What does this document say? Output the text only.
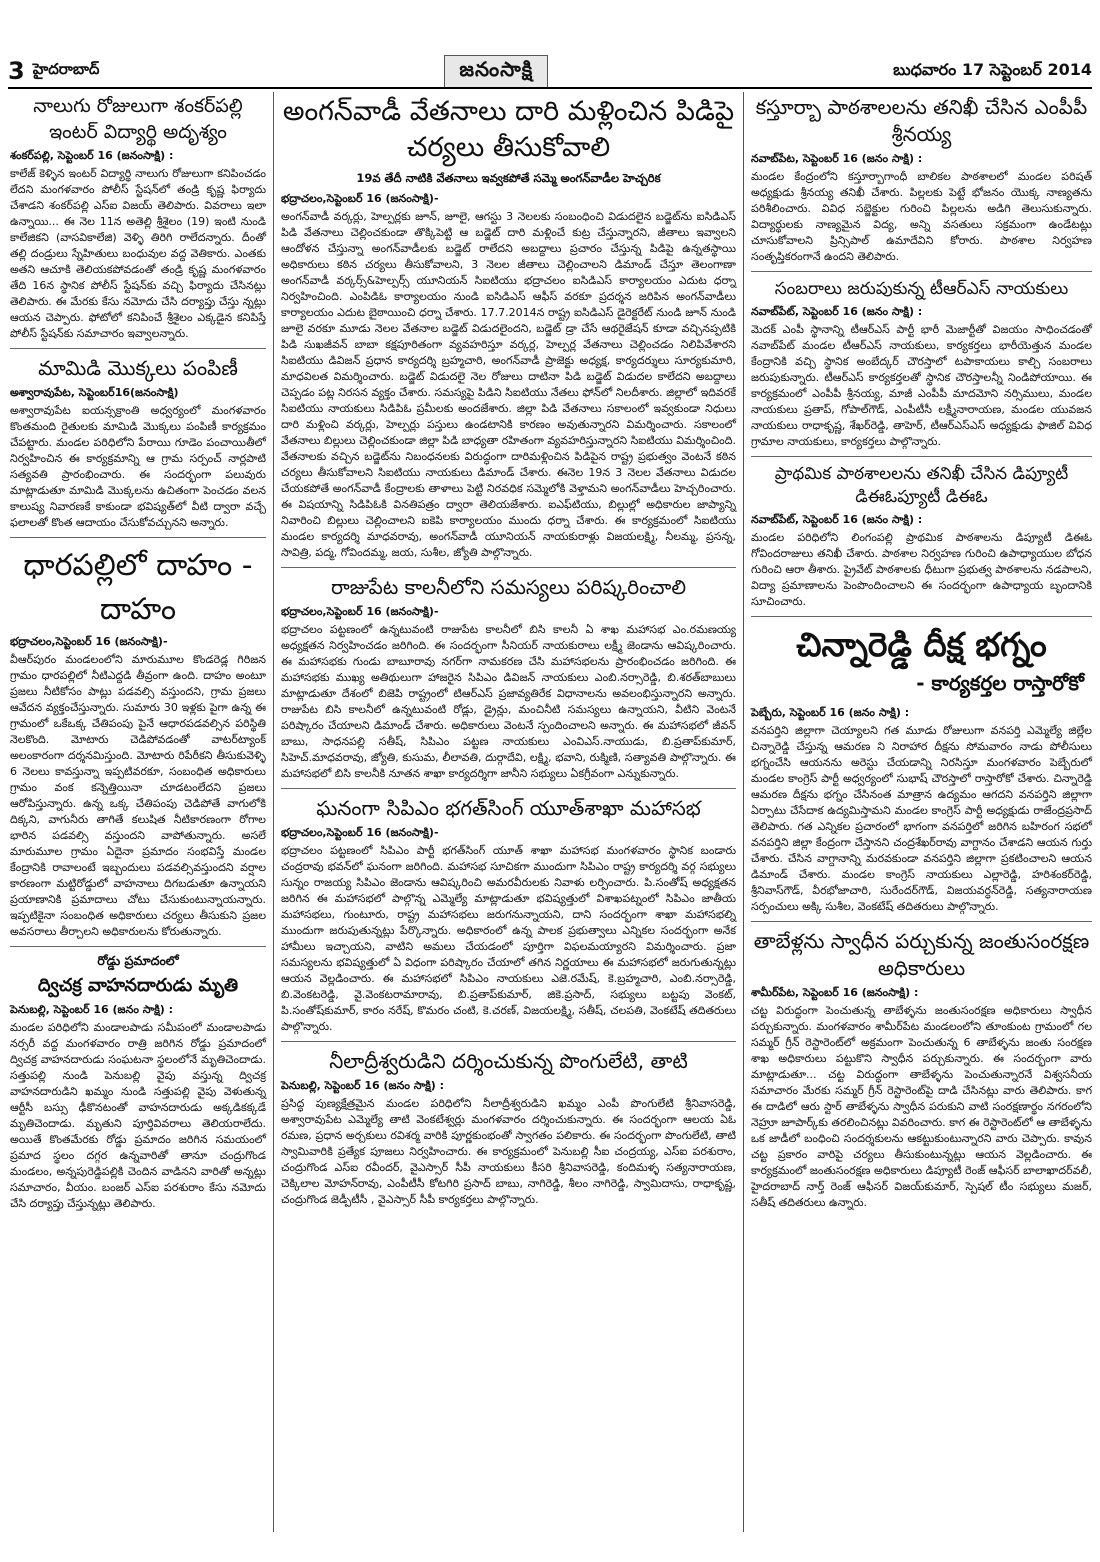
3 హైదరాబాద్	జనంసాక్షి	బుధవారం 17 సెప్టెంబర్ 2014
నాలుగు రోజులుగా శంకర్‌పల్లి ఇంటర్ విద్యార్థి అదృశ్యం

శంకర్‌పల్లి, సెప్టెంబర్ 16 (జనంసాక్షి) :

కాలేజ్ కెళ్ళిన ఇంటర్ విద్యార్థి నాలుగు రోజులుగా కనిపించడం లేదని మంగళవారం పోలీస్ స్టేషన్‌లో తండ్రి కృష్ణ ఫిర్యాదు చేశాడని శంకర్‌పల్లి ఎస్ఐ విజయ్ తెలిపారు. వివరాలు ఇలా ఉన్నాయి... ఈ నెల 11న అతెల్లి శ్రీశైలం (19) ఇంటి నుండి కాలేజికని (వాసవికాలేజి) వెళ్ళి తిరిగి రాలేదన్నారు. దీంతో తల్లి దండ్రులు స్నేహితులు బంధువుల వద్ద వెతికారు. ఎంతకు అతని ఆచూకి తెలియకపోవడంతో తండ్రి కృష్ణ మంగళవారం తేది 16న స్థానిక పోలీస్ స్టేషన్‌కు వచ్చి ఫిర్యాదు చేసినట్లు తెలిపారు. ఈ మేరకు కేసు నమోదు చేసి దర్యాప్తు చేస్తు న్నట్లు ఆయన చెప్పారు. ఫోటోలో కనిపించే శ్రీశైలం ఎక్కడైన కనిపిస్తే పోలీస్ స్టేషన్‌కు సమాచారం ఇవ్వాలన్నారు.

మామిడి మొక్కలు పంపిణీ

అశ్వారావుపేట, సెప్టెంబర్16(జనంసాక్షి)

అశ్వారావుపేట ఐయన్సక్రాంతి అధ్వర్యంలో మంగళవారం కొంతమంది రైతులకు మామిడి మొక్కలు పంపిణీ కార్యక్రమం చేపట్టారు. మండల పరిధిలోని పేరాయి గూడెం పంచాయితీలో నిర్వహించిన ఈ కార్యక్రమాన్ని ఆ గ్రామ సర్పంచ్ నార్లపాటి సత్యవతి ప్రారంభించారు. ఈ సందర్భంగా పలువురు మాట్లాడుతూ మామిడి మొక్కలను ఉచితంగా పెంచడం వలన కాలుష్య నివారణకే కాకుండా భవిష్యత్‌లో వీటి ద్వారా వచ్చే ఫలాలతో కొంత ఆదాయం చేసుకోవచ్చునని అన్నారు.

ధారపల్లిలో దాహం - దాహం

భద్రాచలం,సెప్టెంబర్ 16 (జనంసాక్షి)-

వీఆర్‌పురం మండలంలోని మారుమూల కొండరెడ్ల గిరిజన గ్రామం ధారపల్లిలో నీటిఎద్దడి తీవ్రంగా ఉంది. దాహం అంటూ ప్రజలు నీటికోసం పాట్లు పడవల్సి వస్తుందని, గ్రామ ప్రజలు ఆవేదన వ్యక్తంచేస్తున్నారు. సుమారు 30 ఇళ్లకు పైగా ఉన్న ఈ గ్రామంలో ఒకేఒక్క చేతిపంపు పైనే ఆధారపడవల్సిన పరిస్థితి నెలకొంది. మోటారు చెడిపోవడంతో వాటర్‌ట్యాంక్ అలంకారంగా దర్శనమిస్తుంది. మోటారు రిపేరీకని తీసుకువెళ్ళి 6 నెలలు కావస్తున్నా ఇప్పటివరకూ, సంబంధిత అధికారులు గ్రామం వంక కన్నెత్తియినా చూడటంలేదని ప్రజలు ఆరోపిస్తున్నారు. ఉన్న ఒక్క చేతిపంపు చెడిపోతే వాగులోకి దిక్కని, వాగునీరు తాగితే కలుషిత నీటికారణంగా రోగాల భారిన పడవల్సి వస్తుందని వాపోతున్నారు. అసలే మారుమూల గ్రామం ఏదైనా ప్రమాదం సంభవిస్తే మండల కేంద్రానికి రావాలంటే ఇబ్బందులు పడవల్సివస్తుందని వర్షాల కారణంగా మట్టిరోడ్డులో వాహనాలు దిగబడుతూ ఉన్నాయని ప్రయాణానికి ప్రమాదాలు చోటు చేసుకుంటున్నాయన్నారు. ఇప్పటికైనా సంబంధిత అధికారులు చర్యలు తీసుకుని ప్రజల అవసరాలు తీర్చాలని అధికారులను కోరుతున్నారు.

రోడ్డు ప్రమాదంలో

ద్విచక్ర వాహనదారుడు మృతి

పెనుబల్లి, సెప్టెంబర్ 16 (జనం సాక్షి) :

మండల పరిధిలోని మండాలపాడు సమీపంలో మండాలపాడు నర్సరీ వద్ద మంగళవారం రాత్రి జరిగిన రోడ్డు ప్రమాదంలో ద్విచక్ర వాహనదారుడు సంఘటనా స్థలంలోనే మృతిచెందాడు. సత్తుపల్లి నుండి పెనుబల్లి వైపు వస్తున్న ద్విచక్ర వాహనదారుడిని ఖమ్మం నుండి సత్తుపల్లి వైపు వెళుతున్న ఆర్టీసీ బస్సు ఢీకొనటంతో వాహనదారుడు అక్కడికక్కడే మృతిచెందాడు. మృతుని పూర్తివివరాలు తెలియరాలేదు. అయితే కొంతమేరకు రోడ్డు ప్రమాదం జరిగిన సమయంలో ప్రమాద స్థలం దగ్గర ఉన్నవారితో తానూ చంద్రుగొండ మండలం, అన్నపురెడ్డిపల్లికి చెందిన వాడినని వారితో అన్నట్లు సమాచారం, వీయం. బంజర్ ఎస్ఐ పరశురాం కేసు నమోదు చేసి దర్యాప్తు చేస్తున్నట్లు తెలిపారు.

అంగన్‌వాడీ వేతనాలు దారి మళ్లించిన పిడిపై చర్యలు తీసుకోవాలి

19వ తేదీ నాటికి వేతనాలు ఇవ్వకపోతే సమ్మె అంగన్‌వాడీల హెచ్చరిక

భద్రాచలం,సెప్టెంబర్ 16 (జనంసాక్షి)-

అంగన్‌వాడీ వర్కర్లు, హెల్పర్లకు జూన్, జూలై, ఆగస్టు 3 నెలలకు సంబంధించి విడుదలైన బడ్జెట్‌ను ఐసిడిఎస్ పిడి వేతనాలు చెల్లించకుండా తొక్కిపెట్టి ఆ బడ్జెట్ దారి మళ్లించే కుట్ర చేస్తున్నారని, జీతాలు ఇవ్వాలని ఆందోళన చేస్తున్నా అంగన్‌వాడీలకు బడ్జెట్ రాలేదని అబద్దాలు ప్రచారం చేస్తున్న పిడిపై ఉన్నతస్థాయి అధికారులు కఠిన చర్యలు తీసుకోవాలని, 3 నెలల జీతాలు చెల్లించాలని డిమాండ్ చేస్తూ తెలంగాణా అంగన్‌వాడీ వర్కర్స్&హెల్పర్స్ యూనియన్ సిఐటియు భద్రాచలం ఐసిడిఎస్ కార్యాలయం ఎదుట ధర్నా నిర్వహించింది. ఎంపిడిఓ కార్యాలయం నుండి ఐసిడిఎస్ ఆఫీస్ వరకూ ప్రదర్శన జరిపిన అంగన్‌వాడీలు కార్యాలయం ఎదుట బైఠాయించి ధర్నా చేశారు. 17.7.2014న రాష్ట్ర ఐసిడిఎస్ డైరెక్టరేట్ నుండి జూన్ నుండి జూలై వరకూ మూడు నెలల వేతనాల బడ్జెట్ విడుదలైందని, బడ్జెట్ డ్రా చేసే ఆథరైజేషన్ కూడా వచ్చినప్పటికి పిడి సుఖజీవన్ బాబా కక్షపూరితంగా వ్యవహరిస్తూ వర్కర్ల, హెల్పర్ల వేతనాలు చెల్లించడం నిలిపివేశారని సిఐటియు డివిజన్ ప్రధాన కార్యదర్శి బ్రహ్మచారి, అంగన్‌వాడీ ప్రాజెక్టు అధ్యక్ష, కార్యదర్శులు సూర్యకుమారి, మాధవిలత విమర్శించారు. బడ్జెట్ విడుదలై నెల రోజులు దాటినా పిడి బడ్జెట్ విడుదల కాలేదని అబద్దాలు చెప్పడం పట్ల నిరసన వ్యక్తం చేశారు. సమస్యపై పిడిని సిఐటియు నేతలు ఫోన్‌లో నిలదీశారు. జిల్లాలో ఇదివరకే సిఐటియు నాయకులు సిడిపిఓ ప్రమీలకు అందజేశారు. జిల్లా పిడి వేతనాలు సకాలంలో ఇవ్వకుండా నిధులు దారి మళ్లించి వర్కర్లు, హెల్పర్లు పస్తులు ఉండటానికి కారణం అవుతున్నారని విమర్శించారు. సకాలంలో వేతనాలు బిల్లులు చెల్లించకుండా జిల్లా పిడి బాధ్యతా రహితంగా వ్యవహరిస్తున్నారని సిఐటియు విమర్శించింది. వేతనాలకు వచ్చిన బడ్జెట్‌ను నిబంధనలకు విరుద్ధంగా దారిమళ్లించిన పిడిపైన రాష్ట్ర ప్రభుత్వం వెంటనే కఠిన చర్యలు తీసుకోవాలని సిఐటియు నాయకులు డిమాండ్ చేశారు. ఈనెల 19న 3 నెలల వేతనాలు విడుదల చేయకపోతే అంగన్‌వాడీ కేంద్రాలకు తాళాలు పెట్టి నిరవధిక సమ్మెలోకి వెళ్తామని అంగన్‌వాడీలు హెచ్చరించారు. ఈ విషయాన్ని సిడిపిఓకి వినతిపత్రం ద్వారా తెలియజేశారు. ఐఎఫ్‌టియు, బిల్లుల్లో అధికారుల జాప్యాన్ని నివారించి బిల్లులు చెల్లించాలని ఐకెపి కార్యాలయం ముందు ధర్నా చేశారు. ఈ కార్యక్రమంలో సిఐటియు మండల కార్యదర్శి మాధవరావు, అంగన్‌వాడీ యూనియన్ నాయకురాళ్లు విజయలక్ష్మి, నీలమ్మ, ప్రసన్న, సావిత్రి, పద్మ, గోవిందమ్మ, జయ, సుశీల, జ్యోతి పాల్గొన్నారు.

రాజుపేట కాలనీలోని సమస్యలు పరిష్కరించాలి

భద్రాచలం,సెప్టెంబర్ 16 (జనంసాక్షి)-

భద్రాచలం పట్టణంలో ఉన్నటువంటి రాజుపేట కాలనీలో బిసి కాలనీ ఏ శాఖ మహాసభ ఎం.రమణయ్య అధ్యక్షతన నిర్వహించడం జరిగింది. ఈ సందర్భంగా సీనియర్ నాయకురాలు లక్ష్మీ జెండాను ఆవిష్కరించారు. ఈ మహాసభకు గుండు బాబూరావు నగర్‌గా నామకరణ చేసి మహాసభలను ప్రారంభించడం జరిగింది. ఈ మహాసభకు ముఖ్య అతిథులుగా హాజరైన సిపిఎం డివిజన్ నాయకులు ఎంబి.నర్సారెడ్డి, బి.శరత్‌బాబులు మాట్లాడుతూ దేశంలో బిజెపి రాష్ట్రంలో టిఆర్ఎస్ ప్రజావ్యతిరేక విధానాలను అవలంభిస్తున్నారని అన్నారు. రాజుపేట బిసి కాలనీలో ఉన్నటువంటి రోడ్లు, డ్రైన్లు, మంచినీటి సమస్యలు ఉన్నాయని, వీటిని వెంటనే పరిష్కారం చేయాలని డిమాండ్ చేశారు. అధికారులు వెంటనే స్పందించాలని అన్నారు. ఈ మహాసభలో జీవన్ బాబు, సాధనపల్లి సతీష్, సిపిఎం పట్టణ నాయకులు ఎంవిఎస్.నాయుడు, బి.ప్రతాప్‌కుమార్, సిహెచ్.మాధవరావు, జ్యోతి, కుసుమ, లీలావతి, దుర్గాదేవి, లక్ష్మి, భవాని, రుక్మిణి, సత్యావతి పాల్గొన్నారు. ఈ మహాసభలో బిసి కాలనీకి నూతన శాఖా కార్యదర్శిగా జానీని సభ్యులు ఏకగ్రీవంగా ఎన్నుకున్నారు.

ఘనంగా సిపిఎం భగత్‌సింగ్ యూత్‌శాఖా మహాసభ

భద్రాచలం,సెప్టెంబర్ 16 (జనంసాక్షి)-

భద్రాచలం పట్టణంలో సిపిఎం పార్టీ భగత్‌సింగ్ యూత్ శాఖా మహాసభ మంగళవారం స్థానిక బండారు చంద్రరావు భవన్‌లో ఘనంగా జరిగింది. మహాసభ సూచికగా ముందుగా సిపిఎం రాష్ట్ర కార్యదర్శి వర్గ సభ్యులు సున్నం రాజయ్య సిపిఎం జెండాను ఆవిష్కరించి అమరవీరులకు నివాళు లర్పించారు. పి.సంతోష్ అధ్యక్షతన జరిగిన ఈ మహాసభలో పాల్గొన్న ఎమ్మెల్యే మాట్లాడుతూ భవిష్యత్తులో విశాఖపట్నంలో సిపిఎం జాతీయ మహాసభలు, గుంటూరు, రాష్ట్ర మహాసభలు జరుగనున్నాయని, దాని సందర్భంగా శాఖా మహాసభల్ని ముందుగా జరుపుతున్నట్లు పేర్కొన్నారు. అధికారంలో ఉన్న పాలక ప్రభుత్వాలు ఎన్నికల సందర్భంగా అనేక హామీలు ఇచ్చాయని, వాటిని అమలు చేయడంలో పూర్తిగా విఫలమయ్యారని విమర్శించారు. ప్రజా సమస్యలను భవిష్యత్తులో ఏ విధంగా పరిష్కారం చేయాలో తగిన నిర్ణయాలు ఈ మహాసభలో జరుగుతున్నట్లు ఆయన వెల్లడించారు. ఈ మహాసభలో సిపిఎం నాయకులు ఎజె.రమేష్, కె.బ్రహ్మచారి, ఎంబి.నర్సారెడ్డి, బి.వెంకటరెడ్డి, వై.వెంకటరామారావు, బి.ప్రతాప్‌కుమార్, జికె.ప్రసాద్, సభ్యులు బట్టపు వెంకట్, పి.సంతోష్‌కుమార్, కారం నరేష్, కొమరం చంటి, కె.చరణ్, విజయలక్ష్మి, సతీష్, చలపతి, వెంకటేష్ తదితరులు పాల్గొన్నారు.

నీలాద్రీశ్వరుడిని దర్శించుకున్న పొంగులేటి, తాటి

పెనుబల్లి, సెప్టెంబర్ 16 (జనం సాక్షి) :

ప్రసిద్ధ పుణ్యక్షేత్రమైన మండల పరిధిలోని నీలాద్రీశ్వరుడిని ఖమ్మం ఎంపీ పొంగులేటి శ్రీనివాసరెడ్డి, అశ్వారావుపేట ఎమ్మెల్యే తాటి వెంకటేశ్వర్లు మంగళవారం దర్శించుకున్నారు. ఈ సందర్భంగా ఆలయ ఏఓ రమణ, ప్రధాన అర్చకులు రవిశర్మ వారికి పూర్ణకుంభంతో స్వాగతం పలికారు. ఈ సందర్భంగా పొంగులేటి, తాటి స్వామివారికి ప్రత్యేక పూజలు నిర్వహించారు. ఈ కార్యక్రమంలో పెనుబల్లి సీఐ చంద్రయ్య, ఎస్ఐ పరశురాం, చంద్రుగొండ ఎస్ఐ రవీందర్, వైఎస్సార్ సీపీ నాయకులు కీసరి శ్రీనివాసరెడ్డి, కందిమళ్ళ సత్యనారాయణ, చెక్కిలాల మోహన్‌రావు, ఎంపీటీసీ కోటగిరి ప్రసాద్ బాబు, నాగిరెడ్డి, శీలం నాగిరెడ్డి, స్వామిదాసు, రాధాకృష్ణ, చంద్రుగొండ జెడ్పీటీసీ , వైఎస్సార్ సీపీ కార్యకర్తలు పాల్గొన్నారు.

కస్తూర్బా పాఠశాలలను తనిఖీ చేసిన ఎంపీపీ శ్రీనయ్య

నవాబ్‌పేట, సెప్టెంబర్ 16 (జనం సాక్షి) :

మండల కేంద్రంలోని కస్తూర్బాగాంధీ బాలికల పాఠశాలలో మండల పరిషత్ అధ్యక్షుడు శ్రీనయ్య తనిఖీ చేశారు. పిల్లలకు పెట్టే భోజనం యొక్క నాణ్యతను పరిశీలించారు. వివిధ సబ్జెక్టుల గురించి పిల్లలను అడిగి తెలుసుకున్నారు. విద్యార్థులకు నాణ్యమైన విద్య, అన్ని వసతులు సక్రమంగా ఉండేటట్లు చూసుకోవాలని ప్రిన్సిపాల్ ఉమాదేవిని కోరారు. పాఠశాల నిర్వహణ సంతృప్తికరంగానే ఉందని తెలిపారు.

సంబరాలు జరుపుకున్న టీఆర్ఎస్ నాయకులు

నవాబ్‌పేట్, సెప్టెంబర్ 16 (జనం సాక్షి) :

మెదక్ ఎంపీ స్థానాన్ని టీఆర్ఎస్ పార్టీ భారీ మెజార్టీతో విజయం సాధించడంతో నవాబ్‌పేట్ మండల టీఆర్ఎస్ నాయకులు, కార్యకర్తలు భారీయెత్తున మండల కేంద్రానికి వచ్చి స్థానిక అంబేద్కర్ చౌరస్తాలో టపాకాయలు కాల్చి సంబరాలు జరుపుకున్నారు. టీఆర్ఎస్ కార్యకర్తలతో స్థానిక చౌరస్తాలన్నీ నిండిపోయాయి. ఈ కార్యక్రమంలో ఎంపీపీ శ్రీనయ్య, మాజీ ఎంపీపీ మాదమోని నర్సిములు, మండల నాయకులు ప్రతాప్, గోపాల్‌గౌడ్, ఎంపీటీసీ లక్ష్మీనారాయణ, మండల యువజన నాయకులు రాధాకృష్ణ, శేఖర్‌రెడ్డి, తాహెర్, టీఆర్ఎస్ఎస్ అధ్యక్షుడు ఫాజిల్ వివిధ గ్రామాల నాయకులు, కార్యకర్తలు పాల్గొన్నారు.

ప్రాథమిక పాఠశాలలను తనిఖీ చేసిన డిప్యూటీ డిఈఓప్యూటీ డిఈఓ

నవాబ్‌పేట్, సెప్టెంబర్ 16 (జనం సాక్షి) :

మండల పరిధిలోని లింగంపల్లి ప్రాథమిక పాఠశాలను డిప్యూటీ డిఈఓ గోవిందరాజులు తనిఖీ చేశారు. పాఠశాల నిర్వహణ గురించి ఉపాధ్యాయుల బోధన గురించి ఆరా తీశారు. ప్రైవేట్ పాఠశాలకు ధీటుగా ప్రభుత్వ పాఠశాలను నడపాలని, విద్యా ప్రమాణాలను పెంపొందించాలని ఈ సందర్భంగా ఉపాధ్యాయ బృందానికి సూచించారు.

చిన్నారెడ్డి దీక్ష భగ్నం

- కార్యకర్తల రాస్తారోకో

పెబ్బేరు, సెప్టెంబర్ 16 (జనం సాక్షి) :

వనపర్తిని జిల్లాగా చెయ్యాలని గత మూడు రోజులుగా వనపర్తి ఎమ్మెల్యే జిల్లేల చిన్నారెడ్డి చేస్తున్న ఆమరణ ని నిరాహార దీక్షను సోమవారం నాడు పోలీసులు భగ్నంచేసి ఆయనను అరెస్టు చేయడాన్ని నిరసిస్తూ మంగళవారం పెబ్బేరులో మండల కాంగ్రెస్ పార్టీ అధ్వర్యంలో సుభాష్ చౌరస్తాలో రాస్తారోకో చేశారు. చిన్నారెడ్డి ఆమరణ దీక్షను భగ్నం చేసినంత మాత్రాన ఉద్యమం ఆగదని వనపర్తిని జిల్లాగా ఏర్పాటు చేసేదాక ఉద్యమిస్తామని మండల కాంగ్రెస్ పార్టీ అధ్యక్షుడు రాజేంద్రప్రసాద్ తెలిపారు. గత ఎన్నికల ప్రచారంలో భాగంగా వనపర్తిలో జరిగిన బహిరంగ సభలో వనపర్తిని జిల్లా కేంద్రంగా చేస్తానని చంద్రశేఖర్‌రావు వాగ్దానం చేశాడని ఆయన గుర్తు చేశారు. చేసిన వాగ్దానాన్ని మరవకుండా వనపర్తిని జిల్లాగా ప్రకటించాలని ఆయన డిమాండ్ చేశారు. మండల కాంగ్రెస్ నాయకులు ఎల్లారెడ్డి, హరిశంకర్‌రెడ్డి, శ్రీనివాస్‌గౌడ్, వీరభోజాచారి, సురేందర్‌గౌడ్, విజయవర్ధన్‌రెడ్డి, సత్యనారాయణ సర్పంచులు అక్కి సుశీల, వెంకటేష్ తదితరులు పాల్గొన్నారు.

తాబేళ్లను స్వాధీన పర్చుకున్న జంతుసంరక్షణ అధికారులు

శామీర్‌పేట, సెప్టెంబర్ 16 (జనంసాక్షి) :

చట్ట విరుద్ధంగా పెంచుతున్న తాబేళ్ళను జంతుసంరక్షణ అధికారులు స్వాధీన పర్చుకున్నారు. మంగళవారం శామీర్‌పేట మండలంలోని తూంకుంట గ్రామంలో గల సమ్మర్ గ్రీన్ రెస్టారెంట్‌లో అక్రమంగా పెంచుతున్న 6 తాబేళ్ళను జంతు సంరక్షణ శాఖ అధికారులు పట్టుకొని స్వాధీన పర్చుకున్నారు. ఈ సందర్భంగా వారు మాట్లాడుతూ... చట్ట విరుద్ధంగా తాబేళ్ళను పెంచుతున్నారనే విశ్వసనీయ సమాచారం మేరకు సమ్మర్ గ్రీన్ రెస్టారెంట్‌పై దాడి చేసినట్లు వారు తెలిపారు. కాగ ఈ దాడిలో ఆరు స్టార్ తాబేళ్ళను స్వాధీన పరుకుని వాటి సంరక్షణార్థం నగరంలోని నెహ్రూ జూపార్క్‌కు తరలించినట్లు వివరించారు. కాగ ఈ రెస్టారెంట్‌లో ఆ తాబేళ్ళను ఒక జాడీలో బంధించి సందర్శకులను ఆకట్టుకుంటున్నారని వారు చెప్పారు. కావున చట్ట ప్రకారం వారిపై చర్యలు తీసుకుంటున్నట్లు ఆయన వెల్లడించారు. ఈ కార్యక్రమంలో జంతుసంరక్షణ అధికారులు డిప్యూటీ రెంజ్ ఆఫీసర్ బాలాఖాదర్‌వలీ, హైదరాబాద్ నార్త్ రెంజ్ ఆఫీసర్ విజయ్‌కుమార్, స్పెషల్ టీం సభ్యులు మజర్, సతీష్ తదితరులు ఉన్నారు.
